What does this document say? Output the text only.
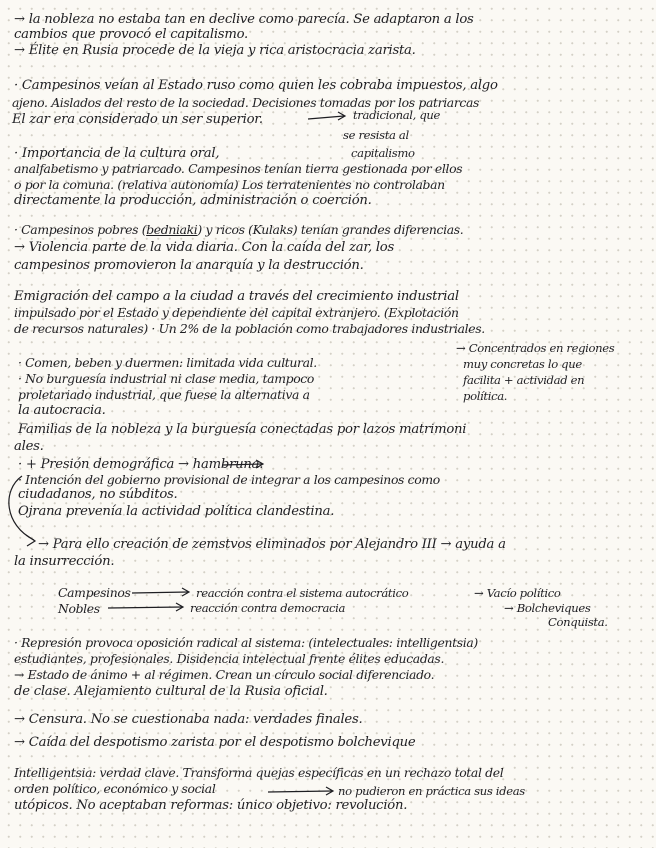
→ la nobleza no estaba tan en declive como parecía. Se adaptaron a los
cambios que provocó el capitalismo.
→ Élite en Rusia procede de la vieja y rica aristocracia zarista.
· Campesinos veían al Estado ruso como quien les cobraba impuestos, algo
ajeno. Aislados del resto de la sociedad. Decisiones tomadas por los patriarcas
El zar era considerado un ser superior.	tradicional, que
se resista al
capitalismo
· Importancia de la cultura oral,
analfabetismo y patriarcado. Campesinos tenían tierra gestionada por ellos
o por la comuna. (relativa autonomía) Los terratenientes no controlaban
directamente la producción, administración o coerción.
· Campesinos pobres (bedniaki) y ricos (Kulaks) tenían grandes diferencias.
→ Violencia parte de la vida diaria. Con la caída del zar, los
campesinos promovieron la anarquía y la destrucción.
Emigración del campo a la ciudad a través del crecimiento industrial
impulsado por el Estado y dependiente del capital extranjero. (Explotación
de recursos naturales) · Un 2% de la población como trabajadores industriales.
→ Concentrados en regiones
· Comen, beben y duermen: limitada vida cultural.	muy concretas lo que
· No burguesía industrial ni clase media, tampoco	facilita + actividad en
proletariado industrial, que fuese la alternativa a	política.
la autocracia.
Familias de la nobleza y la burguesía conectadas por lazos matrimoni
ales.
· + Presión demográfica → hambruna.
· Intención del gobierno provisional de integrar a los campesinos como
ciudadanos, no súbditos.
Ojrana prevenía la actividad política clandestina.
→ Para ello creación de zemstvos eliminados por Alejandro III → ayuda a
la insurrección.
Campesinos	reacción contra el sistema autocrático	→ Vacío político
Nobles	reacción contra democracia	→ Bolcheviques
Conquista.
· Represión provoca oposición radical al sistema: (intelectuales: intelligentsia)
estudiantes, profesionales. Disidencia intelectual frente élites educadas.
→ Estado de ánimo + al régimen. Crean un círculo social diferenciado.
de clase. Alejamiento cultural de la Rusia oficial.
→ Censura. No se cuestionaba nada: verdades finales.
→ Caída del despotismo zarista por el despotismo bolchevique
Intelligentsia: verdad clave. Transforma quejas específicas en un rechazo total del
orden político, económico y social	no pudieron en práctica sus ideas
utópicos. No aceptaban reformas: único objetivo: revolución.
